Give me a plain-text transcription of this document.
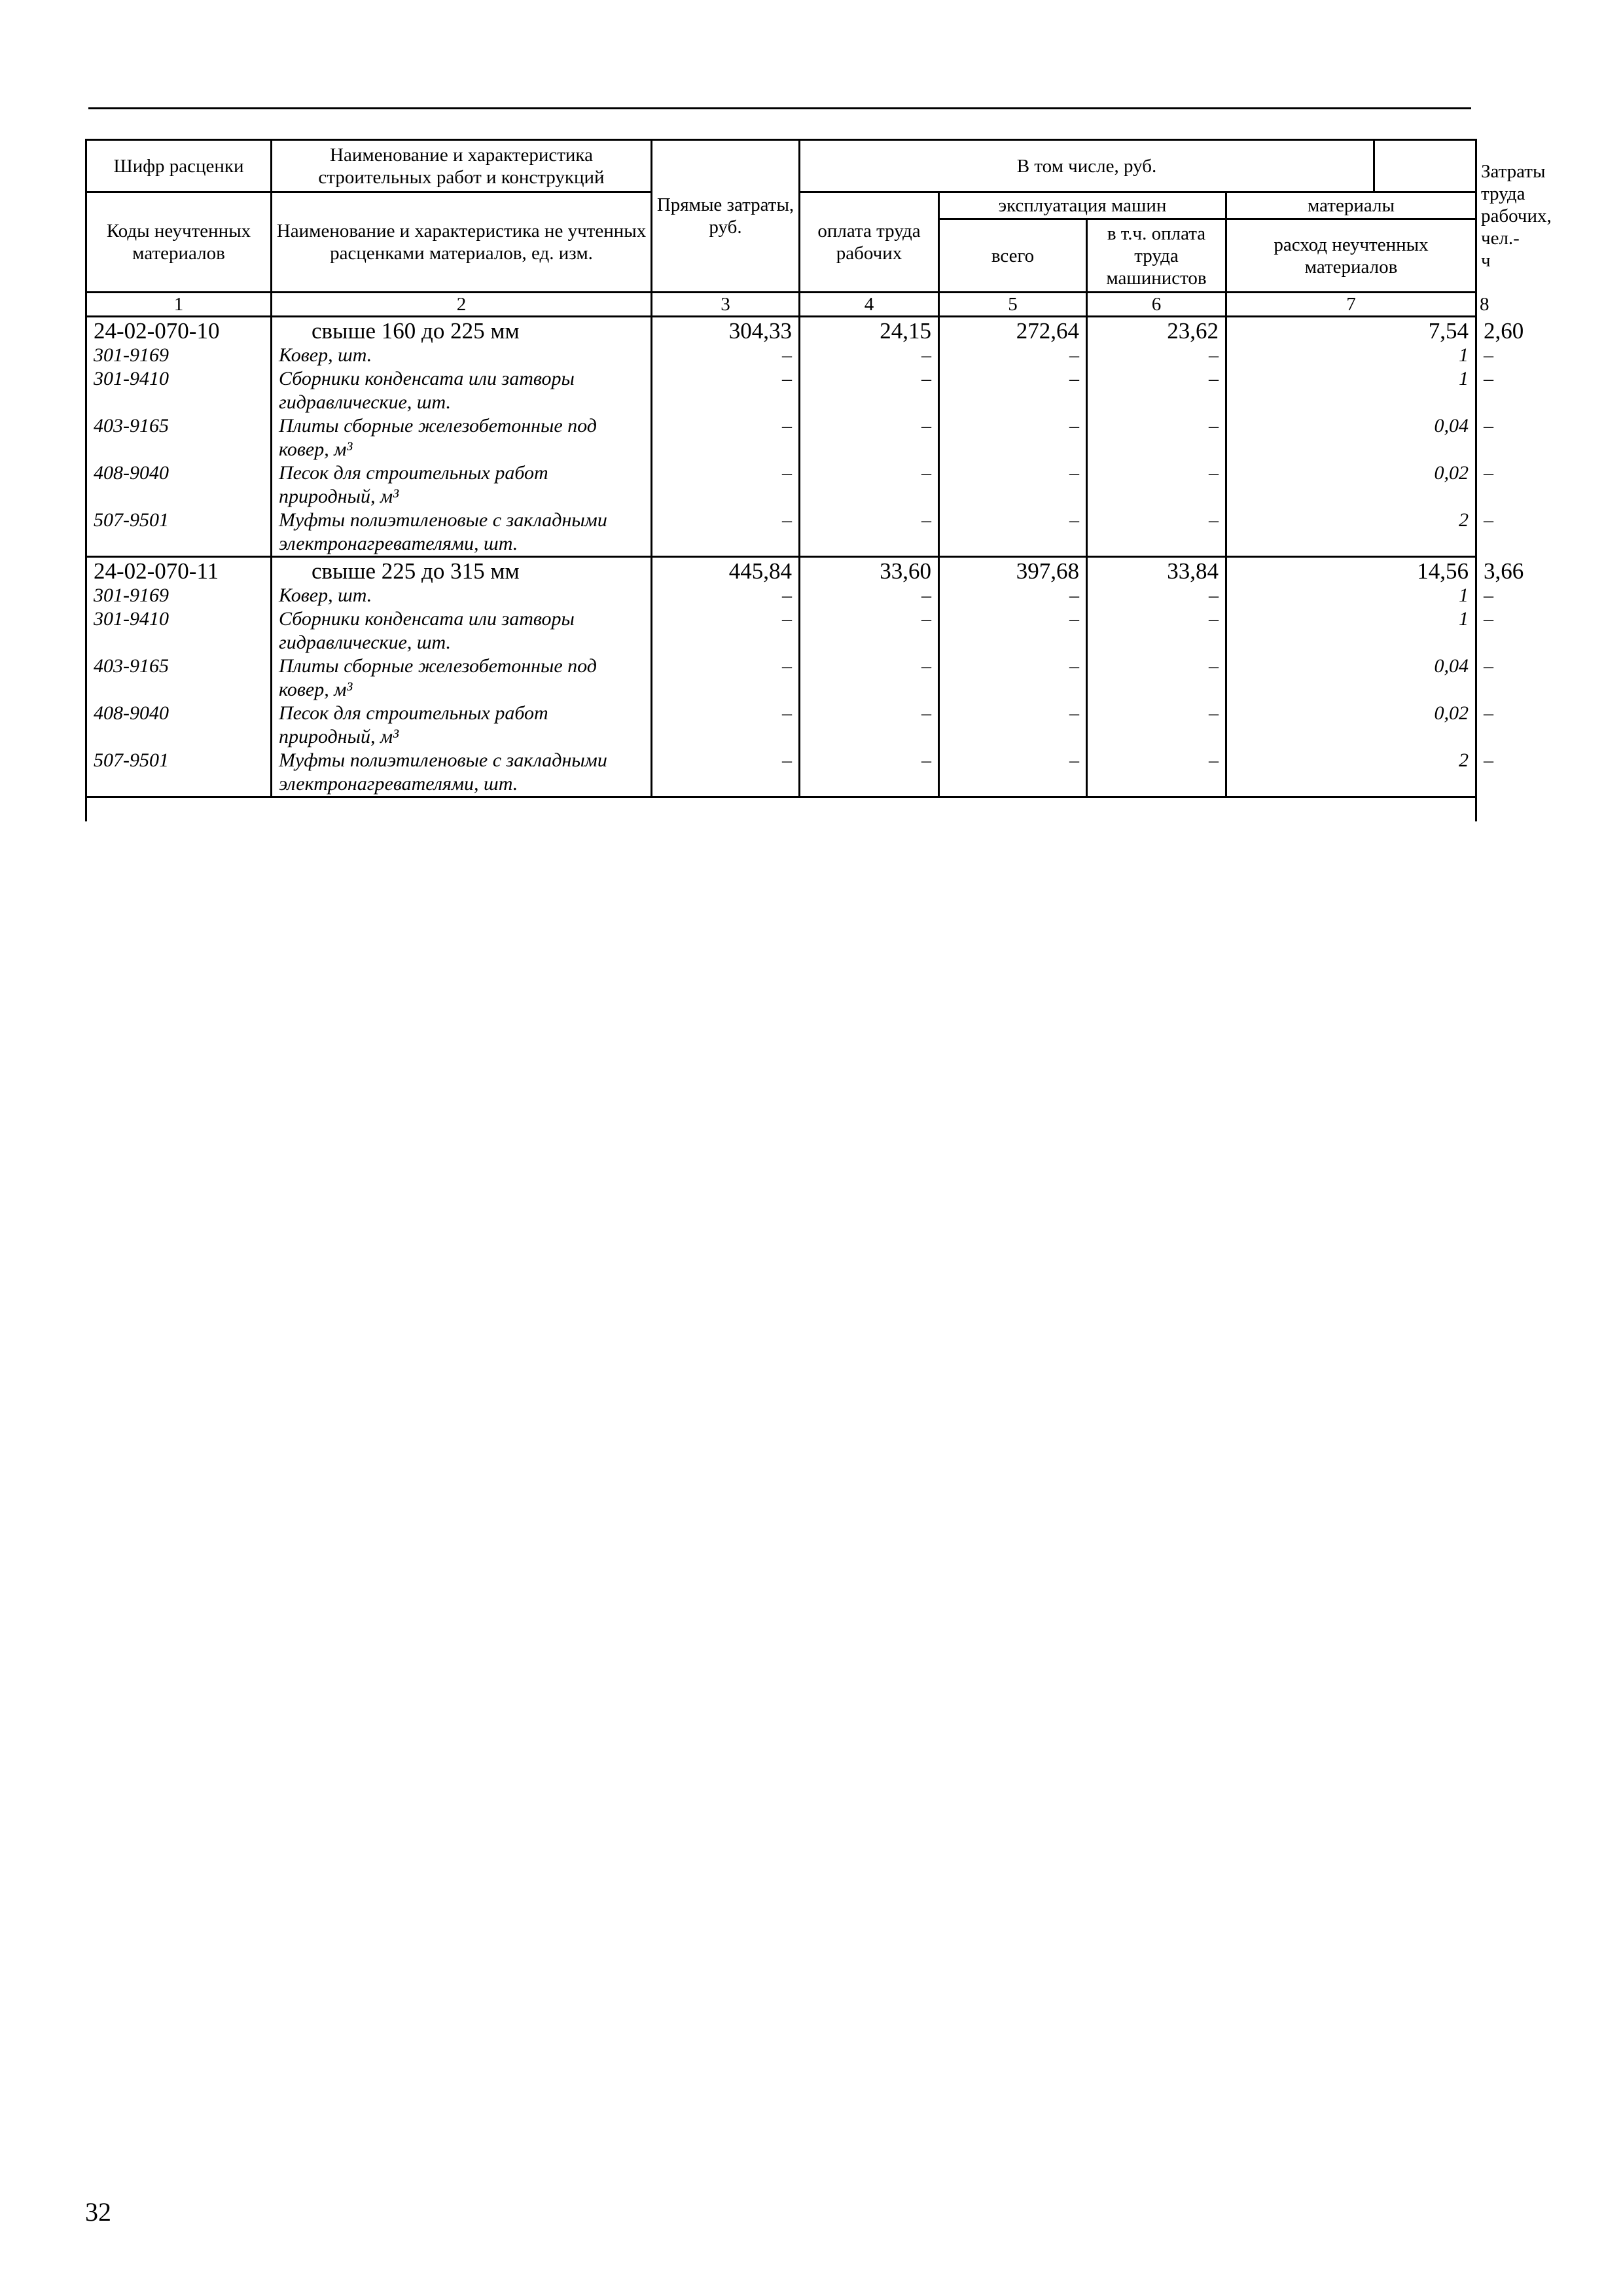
Шифр расценки	Наименование и характеристика строительных работ и конструкций	Прямые затраты, руб.	В том числе, руб.					Затраты труда рабочих, чел.-ч
Коды неучтенных материалов	Наименование и характеристика не учтенных расценками материалов, ед. изм.		оплата труда рабочих	эксплуатация машин		материалы		
				всего	в т.ч. оплата труда машинистов	расход неучтенных материалов		
1	2	3	4	5	6	7		8
24-02-070-10	свыше 160 до 225 мм	304,33	24,15	272,64	23,62	7,54		2,60
301-9169	Ковер, шт.	–	–	–	–	1		–
301-9410	Сборники конденсата или затворы гидравлические, шт.	–	–	–	–	1		–
403-9165	Плиты сборные железобетонные под ковер, м³	–	–	–	–	0,04		–
408-9040	Песок для строительных работ природный, м³	–	–	–	–	0,02		–
507-9501	Муфты полиэтиленовые с закладными электронагревателями, шт.	–	–	–	–	2		–
24-02-070-11	свыше 225 до 315 мм	445,84	33,60	397,68	33,84	14,56		3,66
301-9169	Ковер, шт.	–	–	–	–	1		–
301-9410	Сборники конденсата или затворы гидравлические, шт.	–	–	–	–	1		–
403-9165	Плиты сборные железобетонные под ковер, м³	–	–	–	–	0,04		–
408-9040	Песок для строительных работ природный, м³	–	–	–	–	0,02		–
507-9501	Муфты полиэтиленовые с закладными электронагревателями, шт.	–	–	–	–	2		–

32
